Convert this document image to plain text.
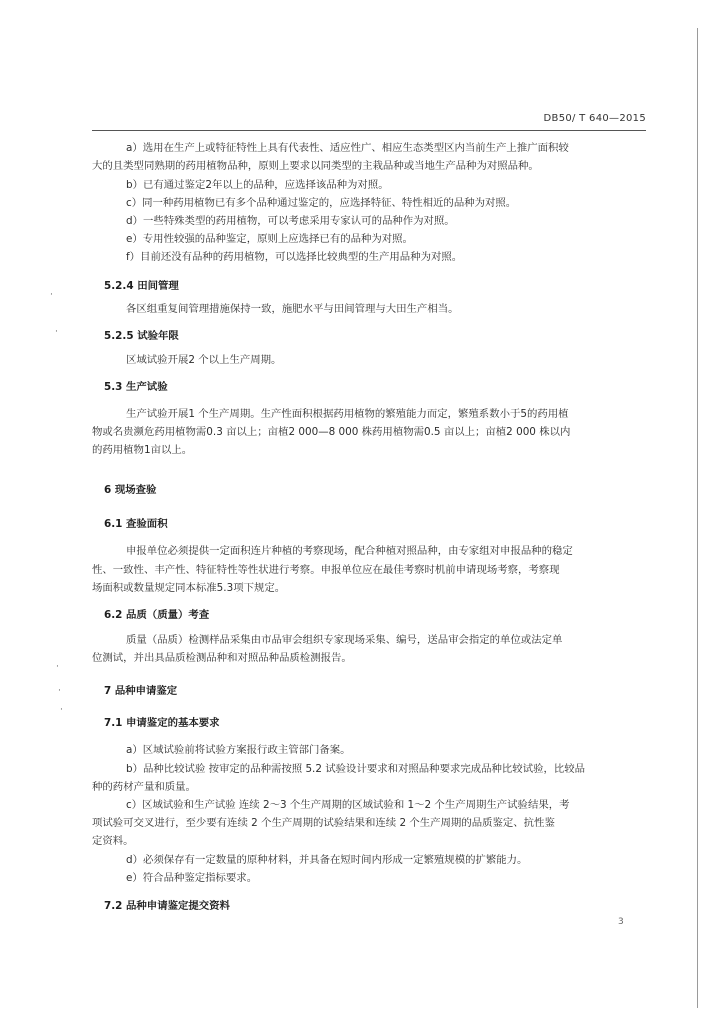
DB50/ T 640—2015
a）选用在生产上或特征特性上具有代表性、适应性广、相应生态类型区内当前生产上推广面积较
大的且类型同熟期的药用植物品种，原则上要求以同类型的主栽品种或当地生产品种为对照品种。
b）已有通过鉴定2年以上的品种，应选择该品种为对照。
c）同一种药用植物已有多个品种通过鉴定的，应选择特征、特性相近的品种为对照。
d）一些特殊类型的药用植物，可以考虑采用专家认可的品种作为对照。
e）专用性较强的品种鉴定，原则上应选择已有的品种为对照。
f）目前还没有品种的药用植物，可以选择比较典型的生产用品种为对照。
5.2.4 田间管理
各区组重复间管理措施保持一致，施肥水平与田间管理与大田生产相当。
5.2.5 试验年限
区域试验开展2 个以上生产周期。
5.3 生产试验
生产试验开展1 个生产周期。生产性面积根据药用植物的繁殖能力而定，繁殖系数小于5的药用植
物或名贵濒危药用植物需0.3 亩以上；亩植2 000—8 000 株药用植物需0.5 亩以上；亩植2 000 株以内
的药用植物1亩以上。
6 现场查验
6.1 查验面积
申报单位必须提供一定面积连片种植的考察现场，配合种植对照品种，由专家组对申报品种的稳定
性、一致性、丰产性、特征特性等性状进行考察。申报单位应在最佳考察时机前申请现场考察，考察现
场面积或数量规定同本标准5.3项下规定。
6.2 品质（质量）考查
质量（品质）检测样品采集由市品审会组织专家现场采集、编号，送品审会指定的单位或法定单
位测试，并出具品质检测品种和对照品种品质检测报告。
7 品种申请鉴定
7.1 申请鉴定的基本要求
a）区域试验前将试验方案报行政主管部门备案。
b）品种比较试验 按审定的品种需按照 5.2 试验设计要求和对照品种要求完成品种比较试验，比较品
种的药材产量和质量。
c）区域试验和生产试验 连续 2～3 个生产周期的区域试验和 1～2 个生产周期生产试验结果，考
项试验可交叉进行，至少要有连续 2 个生产周期的试验结果和连续 2 个生产周期的品质鉴定、抗性鉴
定资料。
d）必须保存有一定数量的原种材料，并具备在短时间内形成一定繁殖规模的扩繁能力。
e）符合品种鉴定指标要求。
7.2 品种申请鉴定提交资料
·
·
·
·
·
3
